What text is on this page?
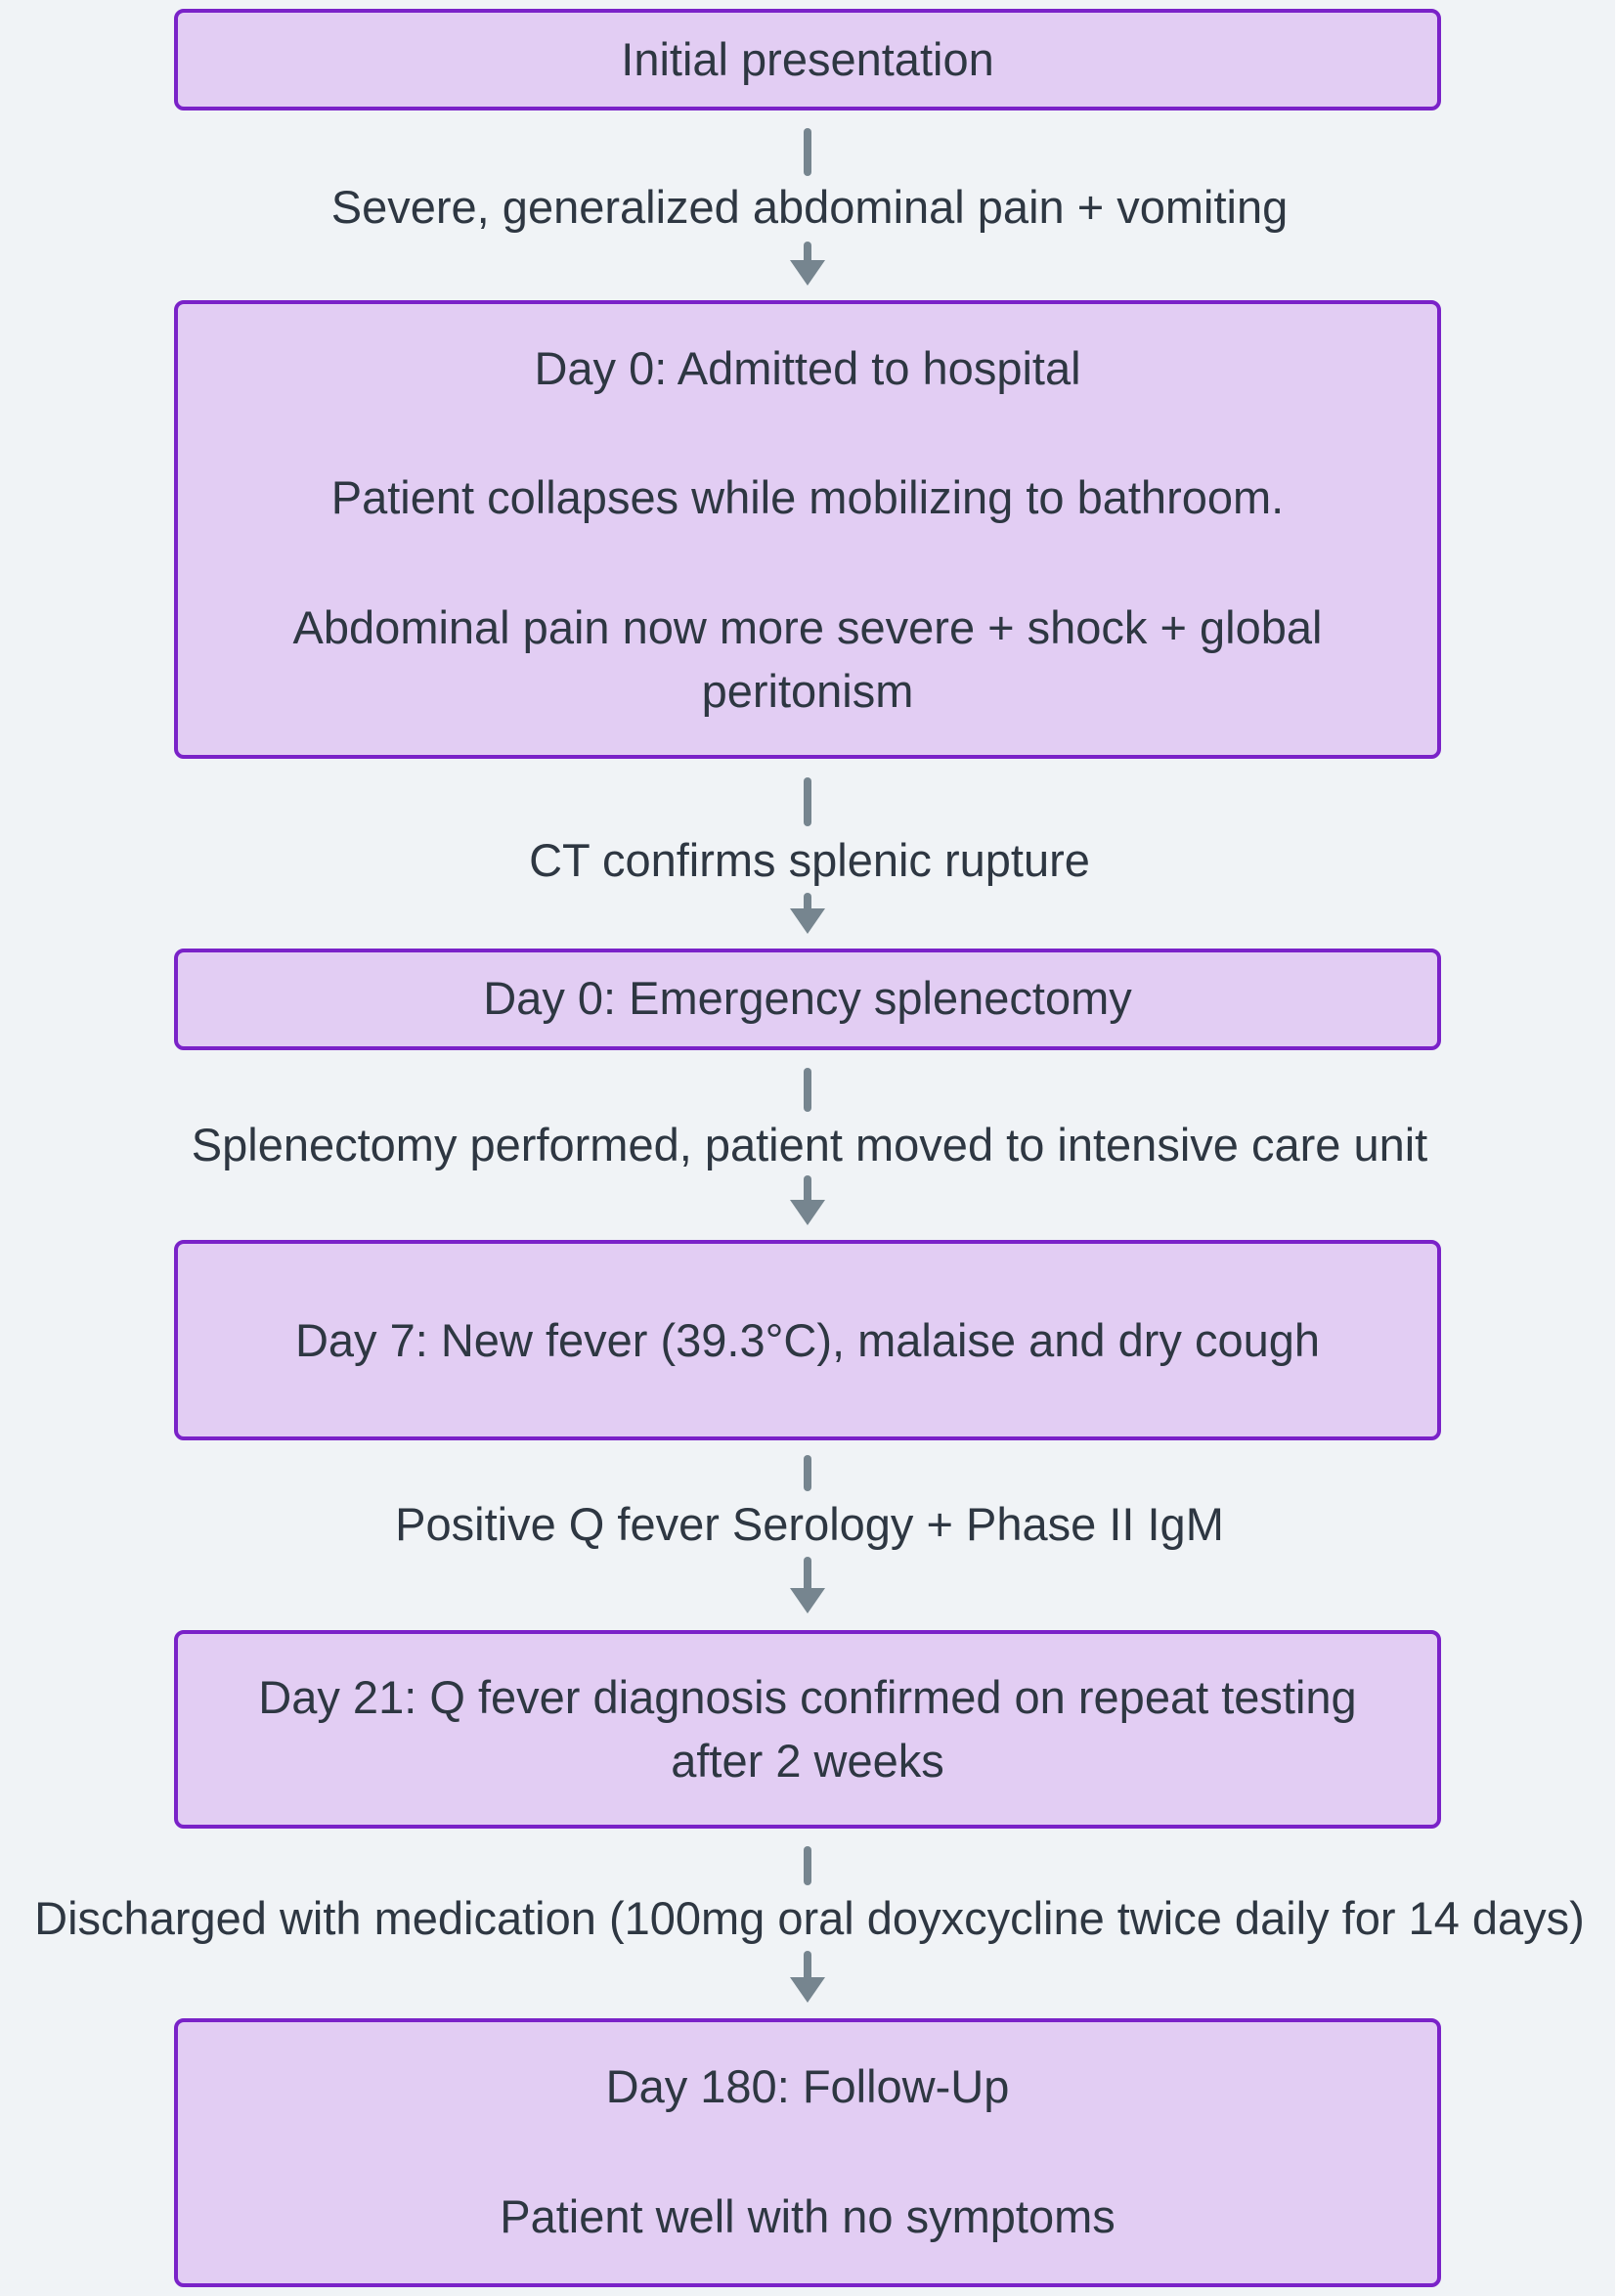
Initial presentation
Severe, generalized abdominal pain + vomiting
Day 0: Admitted to hospital
Patient collapses while mobilizing to bathroom.
Abdominal pain now more severe + shock + global
peritonism
CT confirms splenic rupture
Day 0: Emergency splenectomy
Splenectomy performed, patient moved to intensive care unit
Day 7: New fever (39.3°C), malaise and dry cough
Positive Q fever Serology + Phase II IgM
Day 21: Q fever diagnosis confirmed on repeat testing
after 2 weeks
Discharged with medication (100mg oral doyxcycline twice daily for 14 days)
Day 180: Follow-Up
Patient well with no symptoms
